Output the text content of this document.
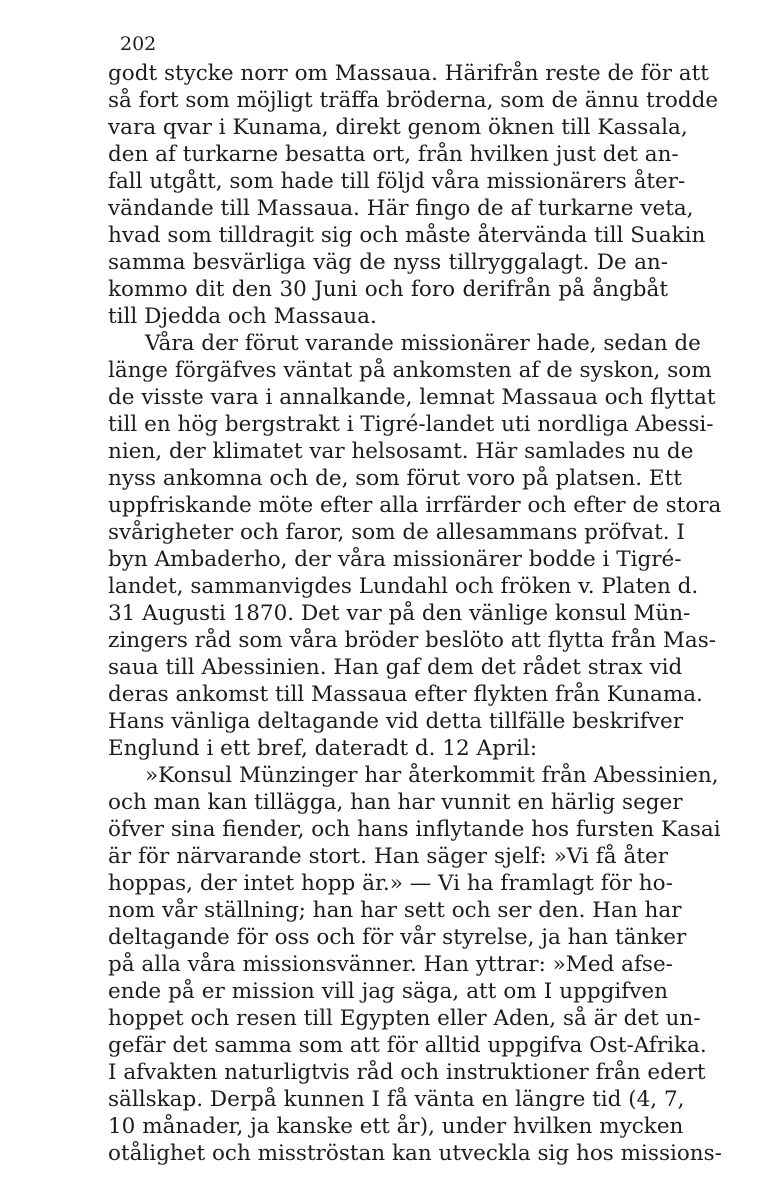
202
godt stycke norr om Massaua. Härifrån reste de för att
så fort som möjligt träffa bröderna, som de ännu trodde
vara qvar i Kunama, direkt genom öknen till Kassala,
den af turkarne besatta ort, från hvilken just det an-
fall utgått, som hade till följd våra missionärers åter-
vändande till Massaua. Här fingo de af turkarne veta,
hvad som tilldragit sig och måste återvända till Suakin
samma besvärliga väg de nyss tillryggalagt. De an-
kommo dit den 30 Juni och foro derifrån på ångbåt
till Djedda och Massaua.
Våra der förut varande missionärer hade, sedan de
länge förgäfves väntat på ankomsten af de syskon, som
de visste vara i annalkande, lemnat Massaua och flyttat
till en hög bergstrakt i Tigré-landet uti nordliga Abessi-
nien, der klimatet var helsosamt. Här samlades nu de
nyss ankomna och de, som förut voro på platsen. Ett
uppfriskande möte efter alla irrfärder och efter de stora
svårigheter och faror, som de allesammans pröfvat. I
byn Ambaderho, der våra missionärer bodde i Tigré-
landet, sammanvigdes Lundahl och fröken v. Platen d.
31 Augusti 1870. Det var på den vänlige konsul Mün-
zingers råd som våra bröder beslöto att flytta från Mas-
saua till Abessinien. Han gaf dem det rådet strax vid
deras ankomst till Massaua efter flykten från Kunama.
Hans vänliga deltagande vid detta tillfälle beskrifver
Englund i ett bref, dateradt d. 12 April:
»Konsul Münzinger har återkommit från Abessinien,
och man kan tillägga, han har vunnit en härlig seger
öfver sina fiender, och hans inflytande hos fursten Kasai
är för närvarande stort. Han säger sjelf: »Vi få åter
hoppas, der intet hopp är.» — Vi ha framlagt för ho-
nom vår ställning; han har sett och ser den. Han har
deltagande för oss och för vår styrelse, ja han tänker
på alla våra missionsvänner. Han yttrar: »Med afse-
ende på er mission vill jag säga, att om I uppgifven
hoppet och resen till Egypten eller Aden, så är det un-
gefär det samma som att för alltid uppgifva Ost-Afrika.
I afvakten naturligtvis råd och instruktioner från edert
sällskap. Derpå kunnen I få vänta en längre tid (4, 7,
10 månader, ja kanske ett år), under hvilken mycken
otålighet och misströstan kan utveckla sig hos missions-
